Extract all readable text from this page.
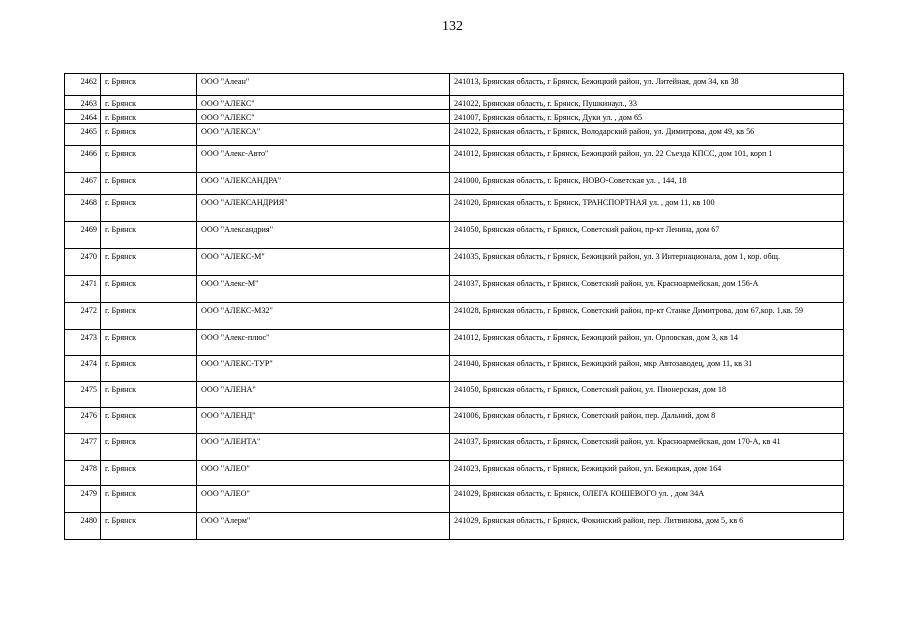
132
2462	г. Брянск	ООО "Алеан"	241013, Брянская область, г Брянск, Бежицкий район, ул. Литейная, дом 34, кв 38
2463	г. Брянск	ООО "АЛЕКС"	241022, Брянская область, г. Брянск, Пушкинаул., 33
2464	г. Брянск	ООО "АЛЕКС"	241007, Брянская область, г. Брянск, Дуки ул. , дом 65
2465	г. Брянск	ООО "АЛЕКСА"	241022, Брянская область, г Брянск, Володарский район, ул. Димитрова, дом 49, кв 56
2466	г. Брянск	ООО "Алекс-Авто"	241012, Брянская область, г Брянск, Бежицкий район, ул. 22 Съезда КПСС, дом 101, корп 1
2467	г. Брянск	ООО "АЛЕКСАНДРА"	241000, Брянская область, г. Брянск, НОВО-Советская ул. , 144, 18
2468	г. Брянск	ООО "АЛЕКСАНДРИЯ"	241020, Брянская область, г. Брянск, ТРАНСПОРТНАЯ ул. , дом 11, кв 100
2469	г. Брянск	ООО "Александрия"	241050, Брянская область, г Брянск, Советский район, пр-кт Ленина, дом 67
2470	г. Брянск	ООО "АЛЕКС-М"	241035, Брянская область, г Брянск, Бежицкий район, ул. 3 Интернационала, дом 1, кор. общ.
2471	г. Брянск	ООО "Алекс-М"	241037, Брянская область, г Брянск, Советский район, ул. Красноармейская, дом 156-А
2472	г. Брянск	ООО "АЛЕКС-М32"	241028, Брянская область, г Брянск, Советский район, пр-кт Станке Димитрова, дом 67,кор. 1,кв. 59
2473	г. Брянск	ООО "Алекс-плюс"	241012, Брянская область, г Брянск, Бежицкий район, ул. Орловская, дом 3, кв 14
2474	г. Брянск	ООО "АЛЕКС-ТУР"	241040, Брянская область, г Брянск, Бежицкий район, мкр Автозаводец, дом 11, кв 31
2475	г. Брянск	ООО "АЛЕНА"	241050, Брянская область, г Брянск, Советский район, ул. Пионерская, дом 18
2476	г. Брянск	ООО "АЛЕНД"	241006, Брянская область, г Брянск, Советский район, пер. Дальний, дом 8
2477	г. Брянск	ООО "АЛЕНТА"	241037, Брянская область, г Брянск, Советский район, ул. Красноармейская, дом 170-А, кв 41
2478	г. Брянск	ООО "АЛЕО"	241023, Брянская область, г Брянск, Бежицкий район, ул. Бежицкая, дом 164
2479	г. Брянск	ООО "АЛЕО"	241029, Брянская область, г. Брянск, ОЛЕГА КОШЕВОГО ул. , дом 34А
2480	г. Брянск	ООО "Алерм"	241029, Брянская область, г Брянск, Фокинский район, пер. Литвинова, дом 5, кв 6
